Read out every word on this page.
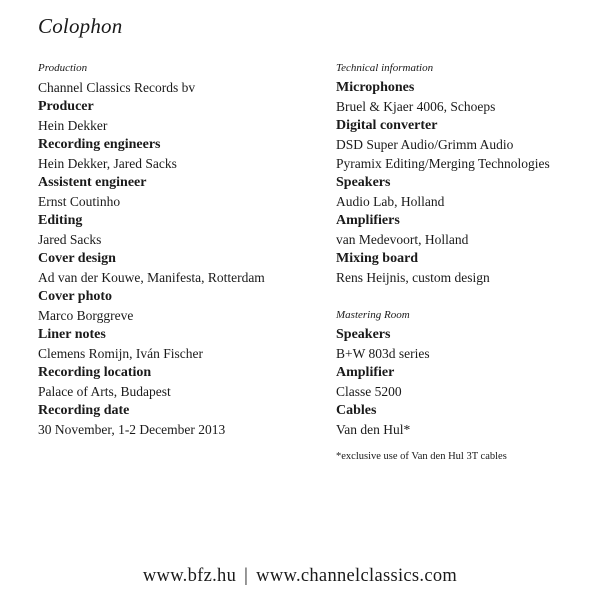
Colophon
Production
Channel Classics Records bv
Producer
Hein Dekker
Recording engineers
Hein Dekker, Jared Sacks
Assistent engineer
Ernst Coutinho
Editing
Jared Sacks
Cover design
Ad van der Kouwe, Manifesta, Rotterdam
Cover photo
Marco Borggreve
Liner notes
Clemens Romijn, Iván Fischer
Recording location
Palace of Arts, Budapest
Recording date
30 November, 1-2 December 2013
Technical information
Microphones
Bruel & Kjaer 4006, Schoeps
Digital converter
DSD Super Audio/Grimm Audio
Pyramix Editing/Merging Technologies
Speakers
Audio Lab, Holland
Amplifiers
van Medevoort, Holland
Mixing board
Rens Heijnis, custom design
Mastering Room
Speakers
B+W 803d series
Amplifier
Classe 5200
Cables
Van den Hul*
*exclusive use of Van den Hul 3T cables
www.bfz.hu | www.channelclassics.com
